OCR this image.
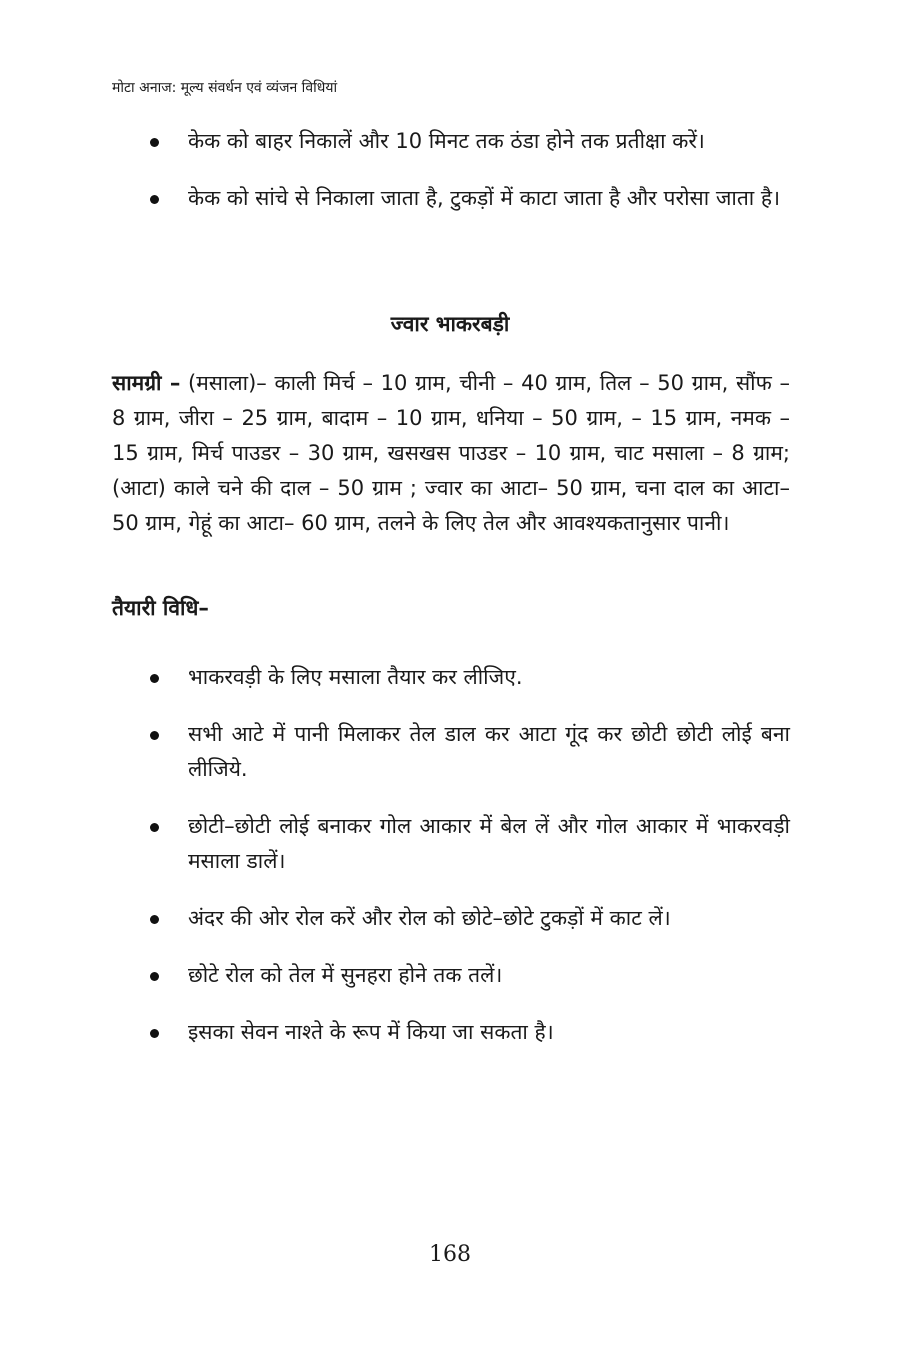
मोटा अनाज: मूल्य संवर्धन एवं व्यंजन विधियां
केक को बाहर निकालें और 10 मिनट तक ठंडा होने तक प्रतीक्षा करें।
केक को सांचे से निकाला जाता है, टुकड़ों में काटा जाता है और परोसा जाता है।
ज्वार भाकरबड़ी
सामग्री – (मसाला)– काली मिर्च – 10 ग्राम, चीनी – 40 ग्राम, तिल – 50 ग्राम, सौंफ – 8 ग्राम, जीरा – 25 ग्राम, बादाम – 10 ग्राम, धनिया – 50 ग्राम, – 15 ग्राम, नमक – 15 ग्राम, मिर्च पाउडर – 30 ग्राम, खसखस पाउडर – 10 ग्राम, चाट मसाला – 8 ग्राम; (आटा) काले चने की दाल – 50 ग्राम ; ज्वार का आटा– 50 ग्राम, चना दाल का आटा– 50 ग्राम, गेहूं का आटा– 60 ग्राम, तलने के लिए तेल और आवश्यकतानुसार पानी।
तैयारी विधि–
भाकरवड़ी के लिए मसाला तैयार कर लीजिए.
सभी आटे में पानी मिलाकर तेल डाल कर आटा गूंद कर छोटी छोटी लोई बना लीजिये.
छोटी–छोटी लोई बनाकर गोल आकार में बेल लें और गोल आकार में भाकरवड़ी मसाला डालें।
अंदर की ओर रोल करें और रोल को छोटे–छोटे टुकड़ों में काट लें।
छोटे रोल को तेल में सुनहरा होने तक तलें।
इसका सेवन नाश्ते के रूप में किया जा सकता है।
168
